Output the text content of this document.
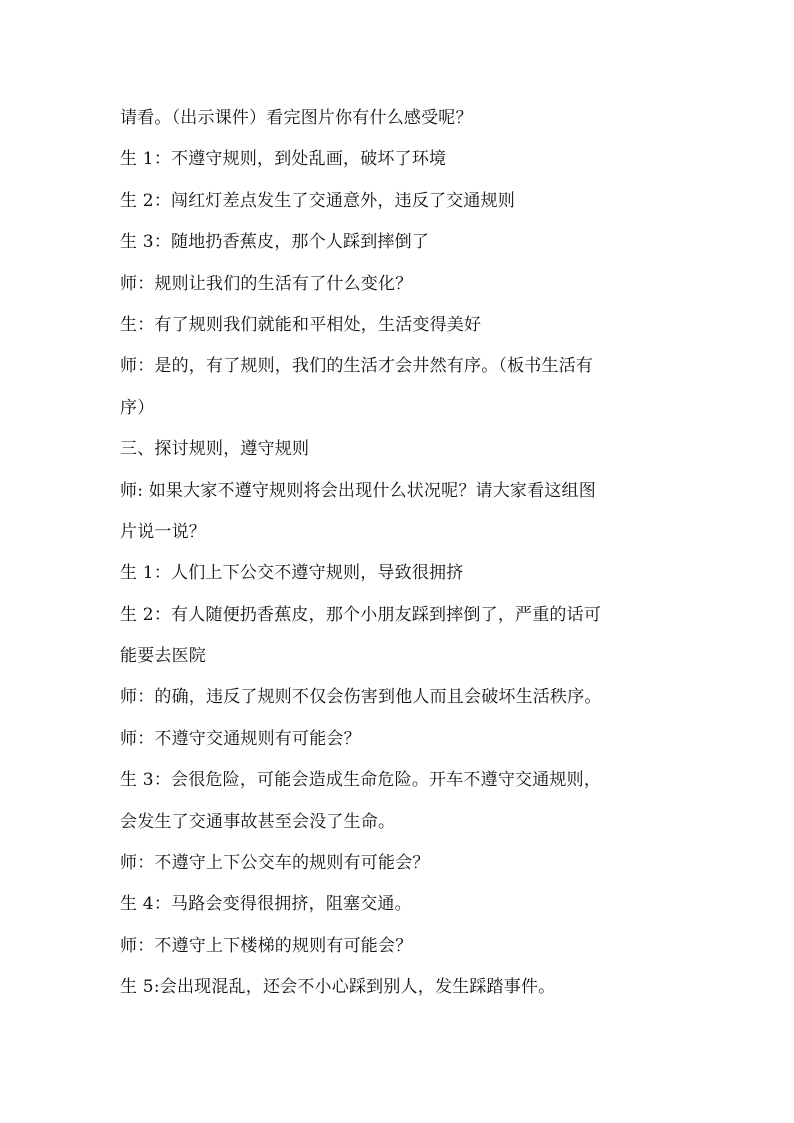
请看。（出示课件）看完图片你有什么感受呢？

生 1：不遵守规则，到处乱画，破坏了环境

生 2：闯红灯差点发生了交通意外，违反了交通规则

生 3：随地扔香蕉皮，那个人踩到摔倒了

师：规则让我们的生活有了什么变化？

生：有了规则我们就能和平相处，生活变得美好

师：是的，有了规则，我们的生活才会井然有序。（板书生活有

序）

三、探讨规则，遵守规则

师: 如果大家不遵守规则将会出现什么状况呢？请大家看这组图

片说一说？

生 1：人们上下公交不遵守规则，导致很拥挤

生 2：有人随便扔香蕉皮，那个小朋友踩到摔倒了，严重的话可

能要去医院

师：的确，违反了规则不仅会伤害到他人而且会破坏生活秩序。

师：不遵守交通规则有可能会？

生 3：会很危险，可能会造成生命危险。开车不遵守交通规则，

会发生了交通事故甚至会没了生命。

师：不遵守上下公交车的规则有可能会？

生 4：马路会变得很拥挤，阻塞交通。

师：不遵守上下楼梯的规则有可能会？

生 5:会出现混乱，还会不小心踩到别人，发生踩踏事件。
